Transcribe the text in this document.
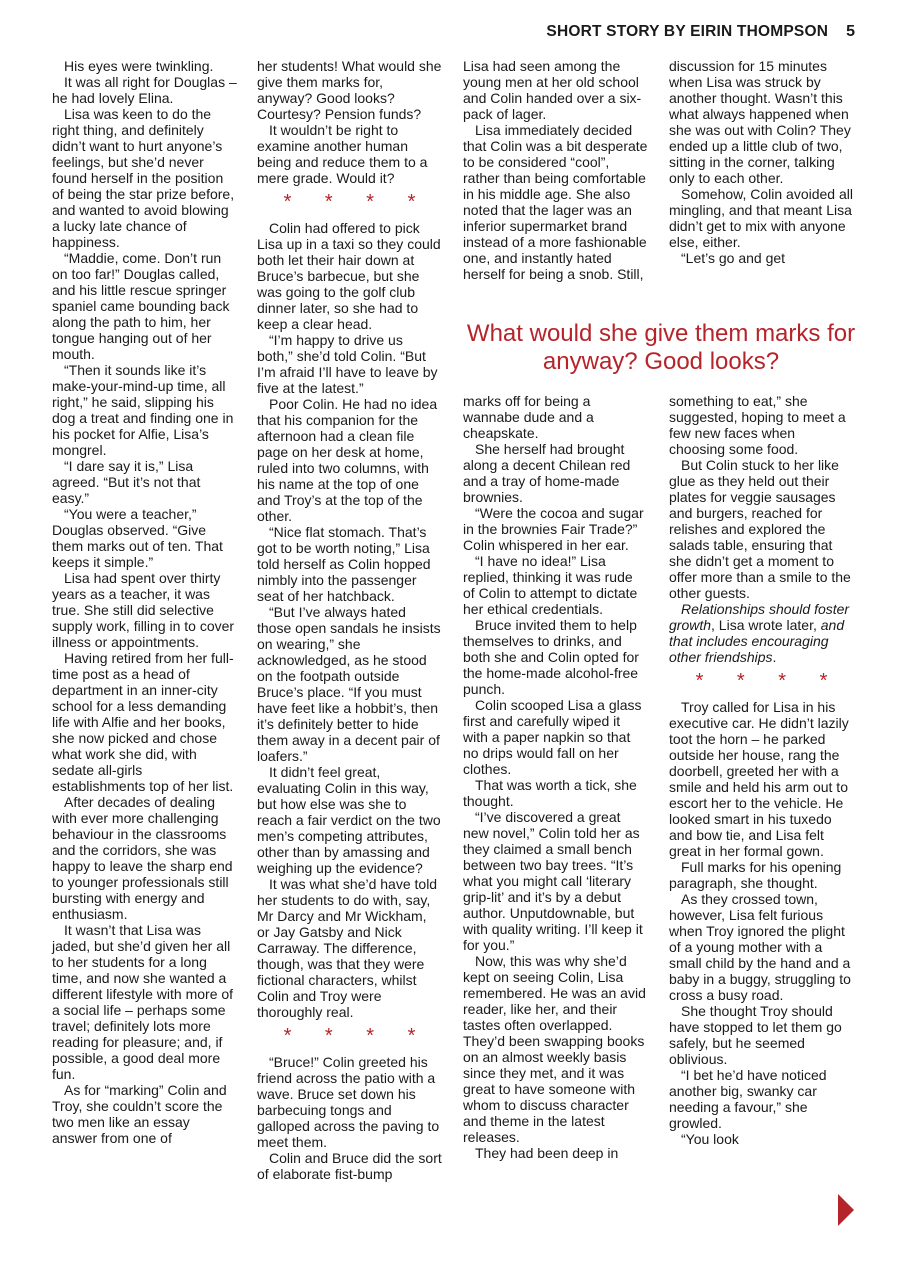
SHORT STORY BY EIRIN THOMPSON 5

His eyes were twinkling.

It was all right for Douglas – he had lovely Elina.

Lisa was keen to do the right thing, and definitely didn’t want to hurt anyone’s feelings, but she’d never found herself in the position of being the star prize before, and wanted to avoid blowing a lucky late chance of happiness.

“Maddie, come. Don’t run on too far!” Douglas called, and his little rescue springer spaniel came bounding back along the path to him, her tongue hanging out of her mouth.

“Then it sounds like it’s make-your-mind-up time, all right,” he said, slipping his dog a treat and finding one in his pocket for Alfie, Lisa’s mongrel.

“I dare say it is,” Lisa agreed. “But it’s not that easy.”

“You were a teacher,” Douglas observed. “Give them marks out of ten. That keeps it simple.”

Lisa had spent over thirty years as a teacher, it was true. She still did selective supply work, filling in to cover illness or appointments.

Having retired from her full-time post as a head of department in an inner-city school for a less demanding life with Alfie and her books, she now picked and chose what work she did, with sedate all-girls establishments top of her list.

After decades of dealing with ever more challenging behaviour in the classrooms and the corridors, she was happy to leave the sharp end to younger professionals still bursting with energy and enthusiasm.

It wasn’t that Lisa was jaded, but she’d given her all to her students for a long time, and now she wanted a different lifestyle with more of a social life – perhaps some travel; definitely lots more reading for pleasure; and, if possible, a good deal more fun.

As for “marking” Colin and Troy, she couldn’t score the two men like an essay answer from one of

her students! What would she give them marks for, anyway? Good looks? Courtesy? Pension funds?

It wouldn’t be right to examine another human being and reduce them to a mere grade. Would it?

* * * *

Colin had offered to pick Lisa up in a taxi so they could both let their hair down at Bruce’s barbecue, but she was going to the golf club dinner later, so she had to keep a clear head.

“I’m happy to drive us both,” she’d told Colin. “But I’m afraid I’ll have to leave by five at the latest.”

Poor Colin. He had no idea that his companion for the afternoon had a clean file page on her desk at home, ruled into two columns, with his name at the top of one and Troy’s at the top of the other.

“Nice flat stomach. That’s got to be worth noting,” Lisa told herself as Colin hopped nimbly into the passenger seat of her hatchback.

“But I’ve always hated those open sandals he insists on wearing,” she acknowledged, as he stood on the footpath outside Bruce’s place. “If you must have feet like a hobbit’s, then it’s definitely better to hide them away in a decent pair of loafers.”

It didn’t feel great, evaluating Colin in this way, but how else was she to reach a fair verdict on the two men’s competing attributes, other than by amassing and weighing up the evidence?

It was what she’d have told her students to do with, say, Mr Darcy and Mr Wickham, or Jay Gatsby and Nick Carraway. The difference, though, was that they were fictional characters, whilst Colin and Troy were thoroughly real.

* * * *

“Bruce!” Colin greeted his friend across the patio with a wave. Bruce set down his barbecuing tongs and galloped across the paving to meet them.

Colin and Bruce did the sort of elaborate fist-bump

Lisa had seen among the young men at her old school and Colin handed over a six-pack of lager.

Lisa immediately decided that Colin was a bit desperate to be considered “cool”, rather than being comfortable in his middle age. She also noted that the lager was an inferior supermarket brand instead of a more fashionable one, and instantly hated herself for being a snob. Still,

discussion for 15 minutes when Lisa was struck by another thought. Wasn’t this what always happened when she was out with Colin? They ended up a little club of two, sitting in the corner, talking only to each other.

Somehow, Colin avoided all mingling, and that meant Lisa didn’t get to mix with anyone else, either.

“Let’s go and get

What would she give them marks for anyway? Good looks?

marks off for being a wannabe dude and a cheapskate.

She herself had brought along a decent Chilean red and a tray of home-made brownies.

“Were the cocoa and sugar in the brownies Fair Trade?” Colin whispered in her ear.

“I have no idea!” Lisa replied, thinking it was rude of Colin to attempt to dictate her ethical credentials.

Bruce invited them to help themselves to drinks, and both she and Colin opted for the home-made alcohol-free punch.

Colin scooped Lisa a glass first and carefully wiped it with a paper napkin so that no drips would fall on her clothes.

That was worth a tick, she thought.

“I’ve discovered a great new novel,” Colin told her as they claimed a small bench between two bay trees. “It’s what you might call ‘literary grip-lit’ and it’s by a debut author. Unputdownable, but with quality writing. I’ll keep it for you.”

Now, this was why she’d kept on seeing Colin, Lisa remembered. He was an avid reader, like her, and their tastes often overlapped. They’d been swapping books on an almost weekly basis since they met, and it was great to have someone with whom to discuss character and theme in the latest releases.

They had been deep in

something to eat,” she suggested, hoping to meet a few new faces when choosing some food.

But Colin stuck to her like glue as they held out their plates for veggie sausages and burgers, reached for relishes and explored the salads table, ensuring that she didn’t get a moment to offer more than a smile to the other guests.

Relationships should foster growth, Lisa wrote later, and that includes encouraging other friendships.

* * * *

Troy called for Lisa in his executive car. He didn’t lazily toot the horn – he parked outside her house, rang the doorbell, greeted her with a smile and held his arm out to escort her to the vehicle. He looked smart in his tuxedo and bow tie, and Lisa felt great in her formal gown.

Full marks for his opening paragraph, she thought.

As they crossed town, however, Lisa felt furious when Troy ignored the plight of a young mother with a small child by the hand and a baby in a buggy, struggling to cross a busy road.

She thought Troy should have stopped to let them go safely, but he seemed oblivious.

“I bet he’d have noticed another big, swanky car needing a favour,” she growled.

“You look
